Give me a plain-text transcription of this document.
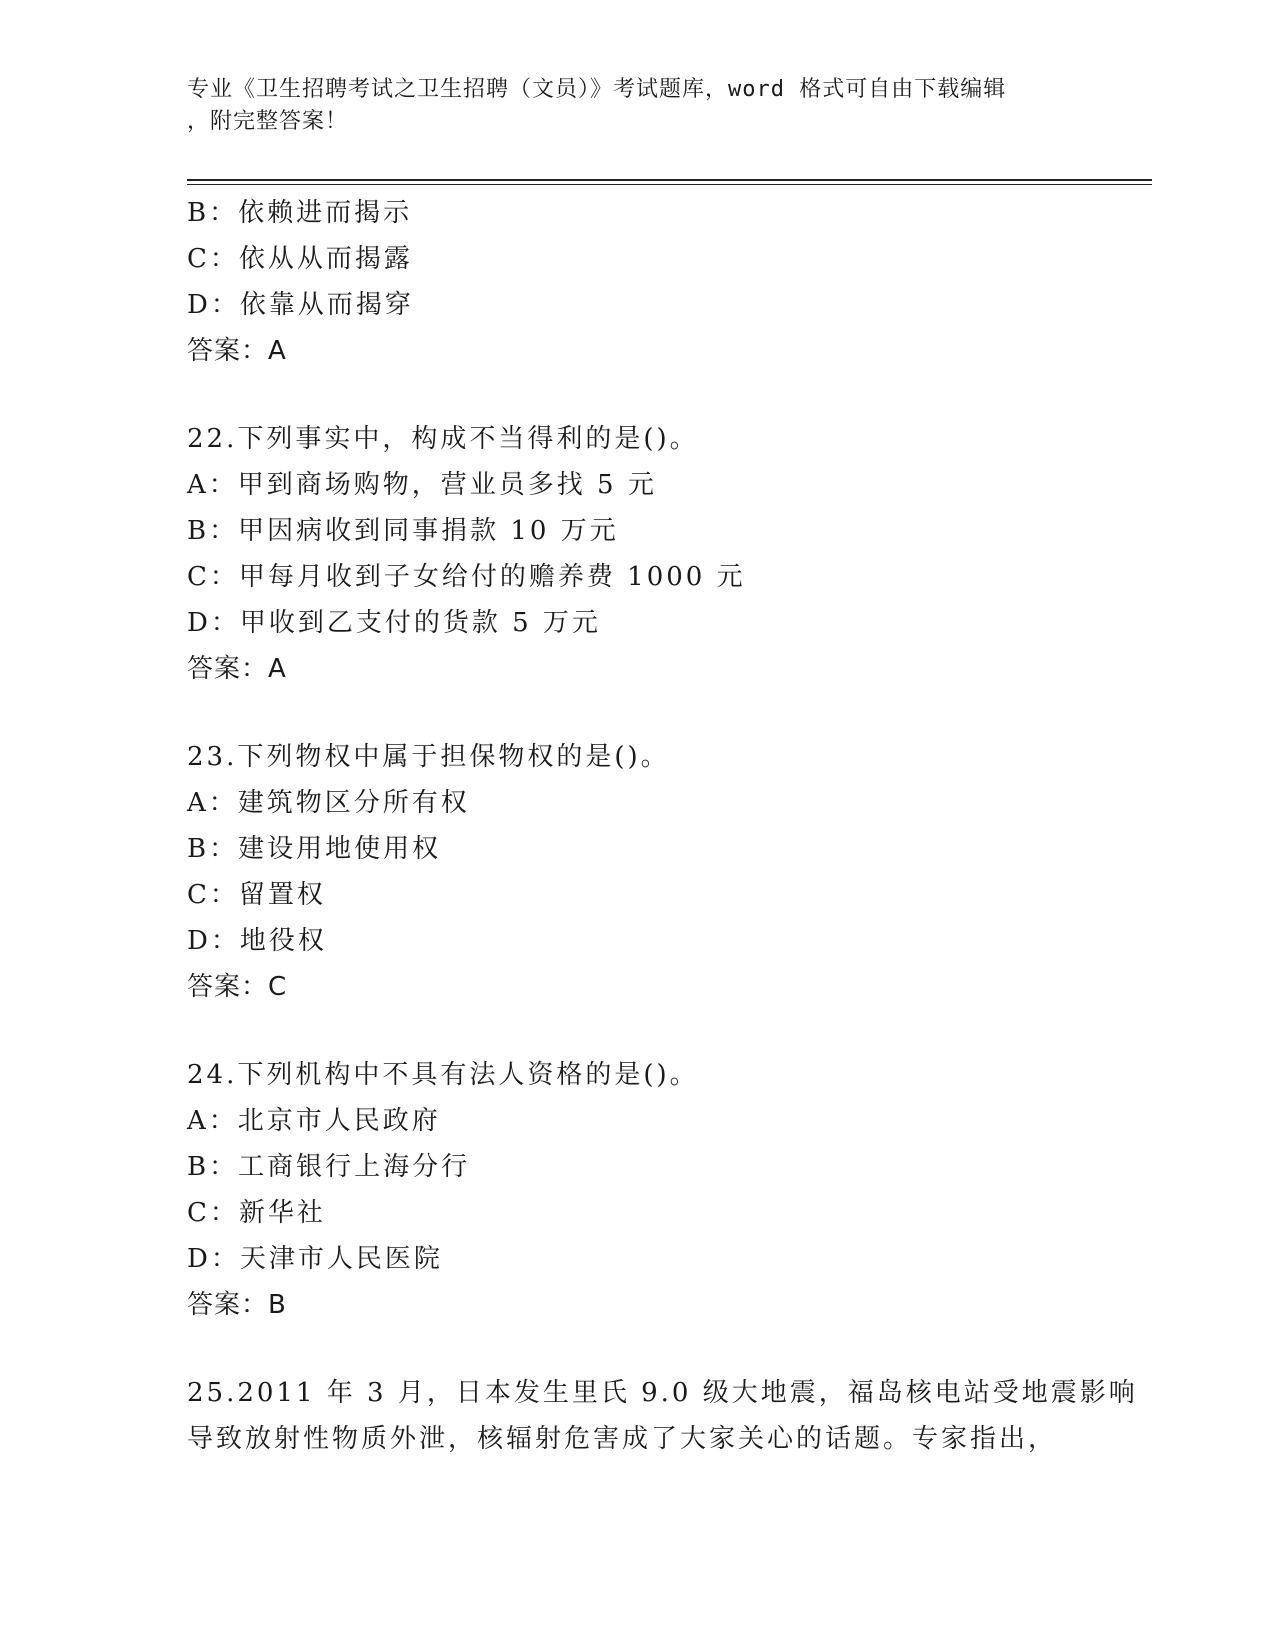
专业《卫生招聘考试之卫生招聘（文员）》考试题库，word 格式可自由下载编辑
，附完整答案！
B：依赖进而揭示
C：依从从而揭露
D：依靠从而揭穿
答案：A
22.下列事实中，构成不当得利的是()。
A：甲到商场购物，营业员多找 5 元
B：甲因病收到同事捐款 10 万元
C：甲每月收到子女给付的赡养费 1000 元
D：甲收到乙支付的货款 5 万元
答案：A
23.下列物权中属于担保物权的是()。
A：建筑物区分所有权
B：建设用地使用权
C：留置权
D：地役权
答案：C
24.下列机构中不具有法人资格的是()。
A：北京市人民政府
B：工商银行上海分行
C：新华社
D：天津市人民医院
答案：B
25.2011 年 3 月，日本发生里氏 9.0 级大地震，福岛核电站受地震影响
导致放射性物质外泄，核辐射危害成了大家关心的话题。专家指出，
